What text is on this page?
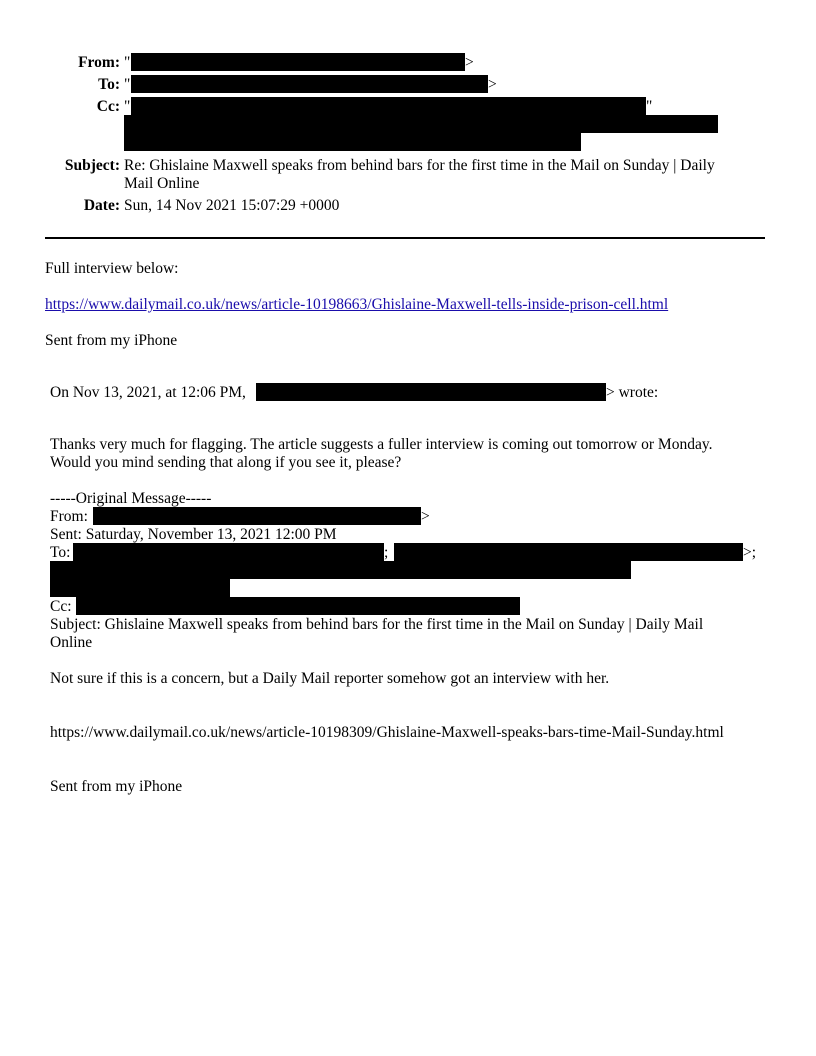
From: "	>
To: "	>
Cc: "	"
Subject: Re: Ghislaine Maxwell speaks from behind bars for the first time in the Mail on Sunday | Daily
Mail Online
Date: Sun, 14 Nov 2021 15:07:29 +0000
Full interview below:
https://www.dailymail.co.uk/news/article-10198663/Ghislaine-Maxwell-tells-inside-prison-cell.html
Sent from my iPhone
On Nov 13, 2021, at 12:06 PM,	> wrote:
Thanks very much for flagging. The article suggests a fuller interview is coming out tomorrow or Monday.
Would you mind sending that along if you see it, please?
-----Original Message-----
From:	>
Sent: Saturday, November 13, 2021 12:00 PM
To:	;	>;
Cc:
Subject: Ghislaine Maxwell speaks from behind bars for the first time in the Mail on Sunday | Daily Mail
Online
Not sure if this is a concern, but a Daily Mail reporter somehow got an interview with her.
https://www.dailymail.co.uk/news/article-10198309/Ghislaine-Maxwell-speaks-bars-time-Mail-Sunday.html
Sent from my iPhone
